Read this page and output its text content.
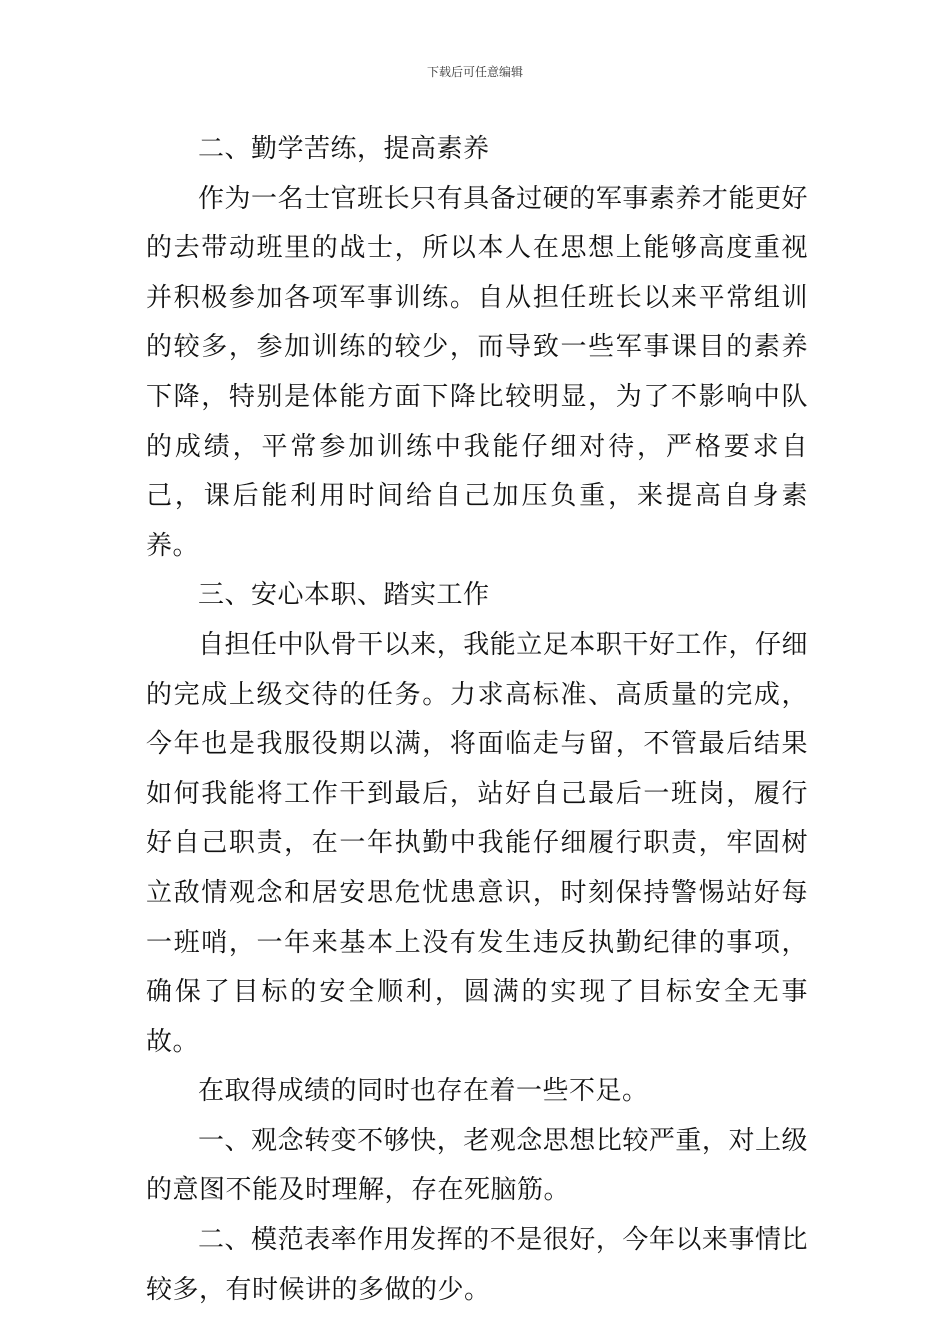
下载后可任意编辑

二、勤学苦练，提高素养

作为一名士官班长只有具备过硬的军事素养才能更好的去带动班里的战士，所以本人在思想上能够高度重视并积极参加各项军事训练。自从担任班长以来平常组训的较多，参加训练的较少，而导致一些军事课目的素养下降，特别是体能方面下降比较明显，为了不影响中队的成绩，平常参加训练中我能仔细对待，严格要求自己，课后能利用时间给自己加压负重，来提高自身素养。

三、安心本职、踏实工作

自担任中队骨干以来，我能立足本职干好工作，仔细的完成上级交待的任务。力求高标准、高质量的完成，今年也是我服役期以满，将面临走与留，不管最后结果如何我能将工作干到最后，站好自己最后一班岗，履行好自己职责，在一年执勤中我能仔细履行职责，牢固树立敌情观念和居安思危忧患意识，时刻保持警惕站好每一班哨，一年来基本上没有发生违反执勤纪律的事项，确保了目标的安全顺利，圆满的实现了目标安全无事故。

在取得成绩的同时也存在着一些不足。

一、观念转变不够快，老观念思想比较严重，对上级的意图不能及时理解，存在死脑筋。

二、模范表率作用发挥的不是很好，今年以来事情比较多，有时候讲的多做的少。
